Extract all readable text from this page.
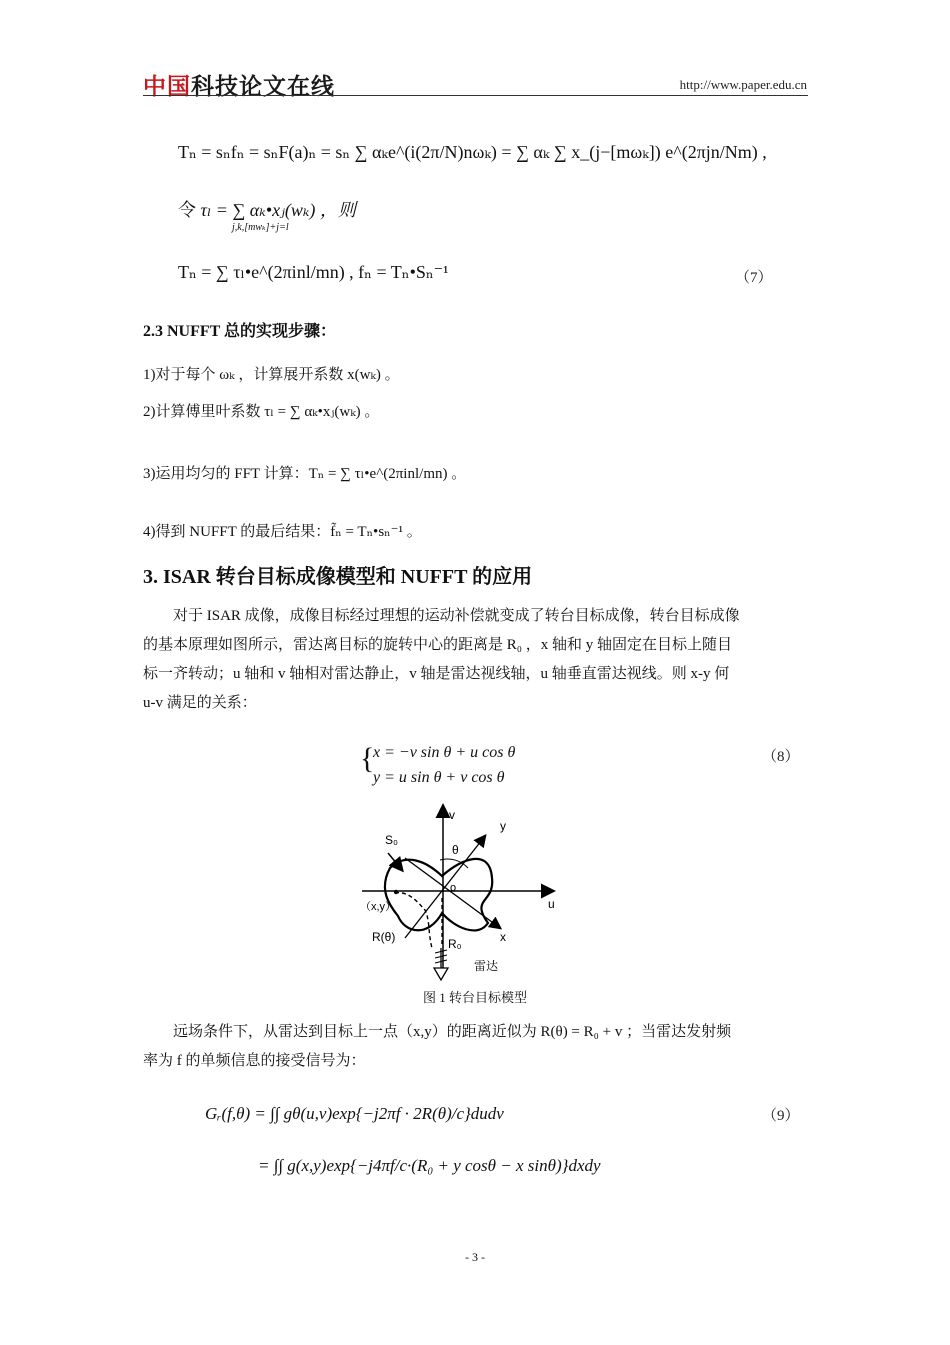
中国科技论文在线	http://www.paper.edu.cn
Tₙ = sₙfₙ = sₙF(a)ₙ = sₙ ∑ αₖe^(i(2π/N)nωₖ) = ∑ αₖ ∑ x_(j−[mωₖ]) e^(2πjn/Nm) ,
令 τₗ = ∑ αₖ•xⱼ(wₖ) ，则
j,k,[mwₖ]+j=l
Tₙ = ∑ τₗ•e^(2πinl/mn) , fₙ = Tₙ•Sₙ⁻¹	（7）
2.3 NUFFT 总的实现步骤：
1)对于每个 ωₖ ，计算展开系数 x(wₖ) 。
2)计算傅里叶系数 τₗ = ∑ αₖ•xⱼ(wₖ) 。
3)运用均匀的 FFT 计算：Tₙ = ∑ τₗ•e^(2πinl/mn) 。
4)得到 NUFFT 的最后结果：f̃ₙ = Tₙ•sₙ⁻¹ 。
3. ISAR 转台目标成像模型和 NUFFT 的应用
对于 ISAR 成像，成像目标经过理想的运动补偿就变成了转台目标成像，转台目标成像
的基本原理如图所示，雷达离目标的旋转中心的距离是 R₀ ，x 轴和 y 轴固定在目标上随目
标一齐转动；u 轴和 v 轴相对雷达静止，v 轴是雷达视线轴，u 轴垂直雷达视线。则 x-y 何
u-v 满足的关系：
{
x = −v sin θ + u cos θ
y = u sin θ + v cos θ
（8）
v
y
S₀
θ
o
u
（x,y）
x
R(θ)	R₀
雷达
图 1 转台目标模型
远场条件下，从雷达到目标上一点（x,y）的距离近似为 R(θ) = R₀ + v ；当雷达发射频
率为 f 的单频信息的接受信号为：
Gᵣ(f,θ) = ∫∫ gθ(u,v)exp{−j2πf · 2R(θ)/c}dudv
= ∫∫ g(x,y)exp{−j4πf/c·(R₀ + y cosθ − x sinθ)}dxdy
（9）
- 3 -
